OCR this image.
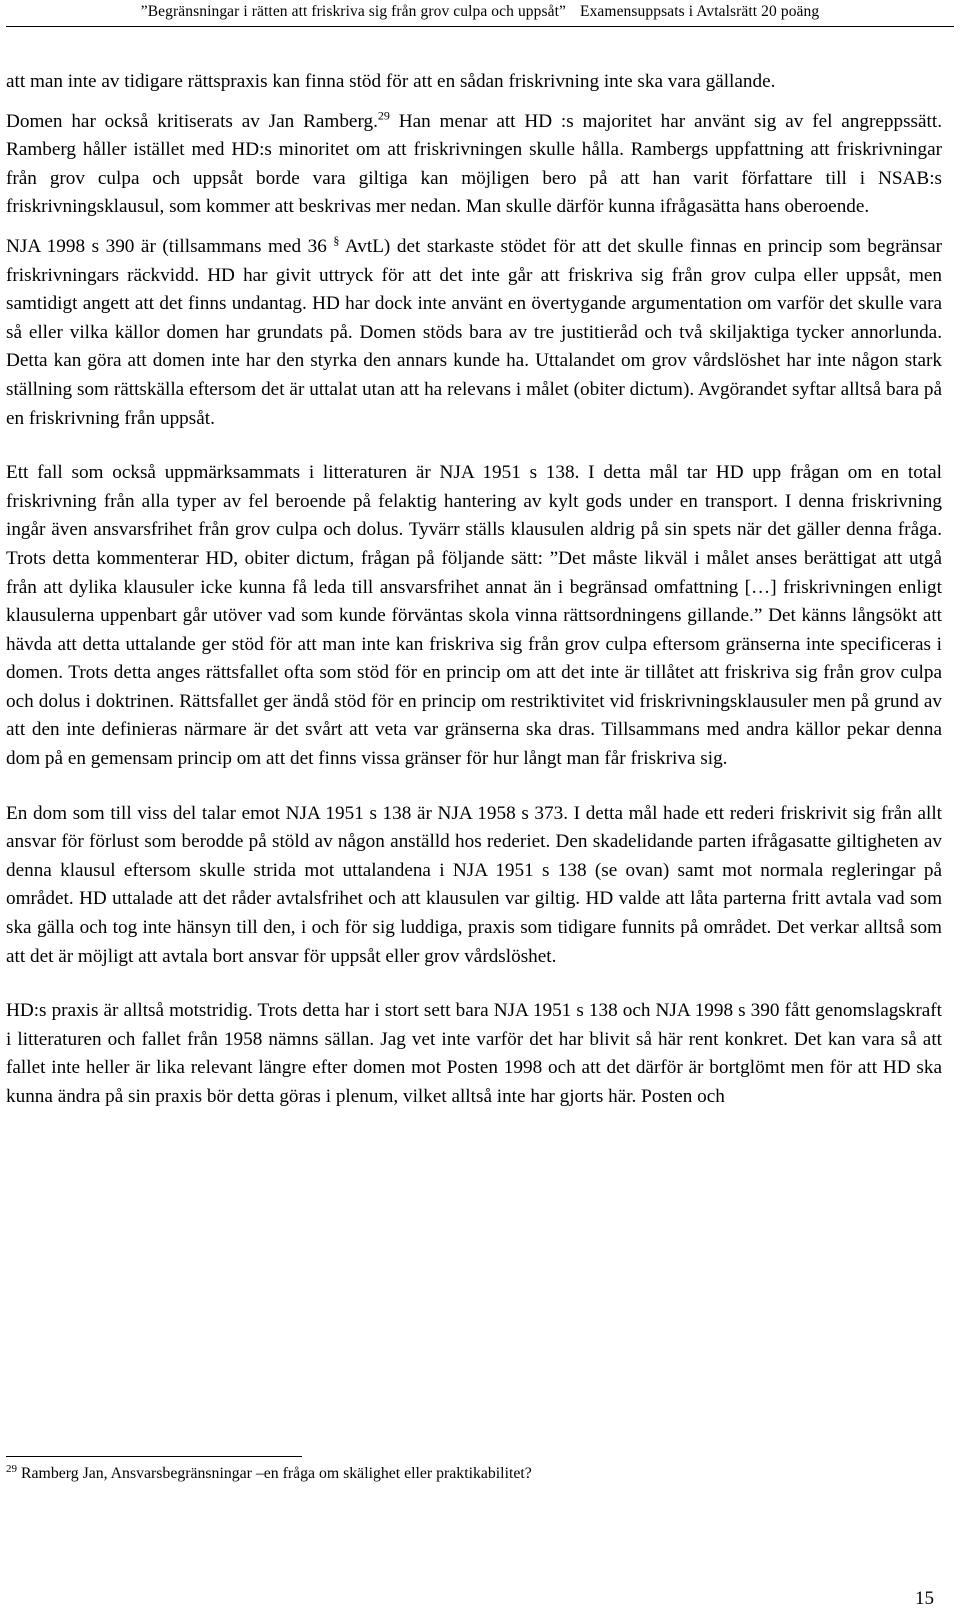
”Begränsningar i rätten att friskriva sig från grov culpa och uppsåt” Examensuppsats i Avtalsrätt 20 poäng

att man inte av tidigare rättspraxis kan finna stöd för att en sådan friskrivning inte ska vara gällande.

Domen har också kritiserats av Jan Ramberg.$^{29}$ Han menar att HD :s majoritet har använt sig av fel angreppssätt. Ramberg håller istället med HD:s minoritet om att friskrivningen skulle hålla. Rambergs uppfattning att friskrivningar från grov culpa och uppsåt borde vara giltiga kan möjligen bero på att han varit författare till i NSAB:s friskrivningsklausul, som kommer att beskrivas mer nedan. Man skulle därför kunna ifrågasätta hans oberoende.

NJA 1998 s 390 är (tillsammans med 36 § AvtL) det starkaste stödet för att det skulle finnas en princip som begränsar friskrivningars räckvidd. HD har givit uttryck för att det inte går att friskriva sig från grov culpa eller uppsåt, men samtidigt angett att det finns undantag. HD har dock inte använt en övertygande argumentation om varför det skulle vara så eller vilka källor domen har grundats på. Domen stöds bara av tre justitieråd och två skiljaktiga tycker annorlunda. Detta kan göra att domen inte har den styrka den annars kunde ha. Uttalandet om grov vårdslöshet har inte någon stark ställning som rättskälla eftersom det är uttalat utan att ha relevans i målet (obiter dictum). Avgörandet syftar alltså bara på en friskrivning från uppsåt.

Ett fall som också uppmärksammats i litteraturen är NJA 1951 s 138. I detta mål tar HD upp frågan om en total friskrivning från alla typer av fel beroende på felaktig hantering av kylt gods under en transport. I denna friskrivning ingår även ansvarsfrihet från grov culpa och dolus. Tyvärr ställs klausulen aldrig på sin spets när det gäller denna fråga. Trots detta kommenterar HD, obiter dictum, frågan på följande sätt: ”Det måste likväl i målet anses berättigat att utgå från att dylika klausuler icke kunna få leda till ansvarsfrihet annat än i begränsad omfattning […] friskrivningen enligt klausulerna uppenbart går utöver vad som kunde förväntas skola vinna rättsordningens gillande.” Det känns långsökt att hävda att detta uttalande ger stöd för att man inte kan friskriva sig från grov culpa eftersom gränserna inte specificeras i domen. Trots detta anges rättsfallet ofta som stöd för en princip om att det inte är tillåtet att friskriva sig från grov culpa och dolus i doktrinen. Rättsfallet ger ändå stöd för en princip om restriktivitet vid friskrivningsklausuler men på grund av att den inte definieras närmare är det svårt att veta var gränserna ska dras. Tillsammans med andra källor pekar denna dom på en gemensam princip om att det finns vissa gränser för hur långt man får friskriva sig.

En dom som till viss del talar emot NJA 1951 s 138 är NJA 1958 s 373. I detta mål hade ett rederi friskrivit sig från allt ansvar för förlust som berodde på stöld av någon anställd hos rederiet. Den skadelidande parten ifrågasatte giltigheten av denna klausul eftersom skulle strida mot uttalandena i NJA 1951 s 138 (se ovan) samt mot normala regleringar på området. HD uttalade att det råder avtalsfrihet och att klausulen var giltig. HD valde att låta parterna fritt avtala vad som ska gälla och tog inte hänsyn till den, i och för sig luddiga, praxis som tidigare funnits på området. Det verkar alltså som att det är möjligt att avtala bort ansvar för uppsåt eller grov vårdslöshet.

HD:s praxis är alltså motstridig. Trots detta har i stort sett bara NJA 1951 s 138 och NJA 1998 s 390 fått genomslagskraft i litteraturen och fallet från 1958 nämns sällan. Jag vet inte varför det har blivit så här rent konkret. Det kan vara så att fallet inte heller är lika relevant längre efter domen mot Posten 1998 och att det därför är bortglömt men för att HD ska kunna ändra på sin praxis bör detta göras i plenum, vilket alltså inte har gjorts här. Posten och

$^{29}$ Ramberg Jan, Ansvarsbegränsningar –en fråga om skälighet eller praktikabilitet?
15
